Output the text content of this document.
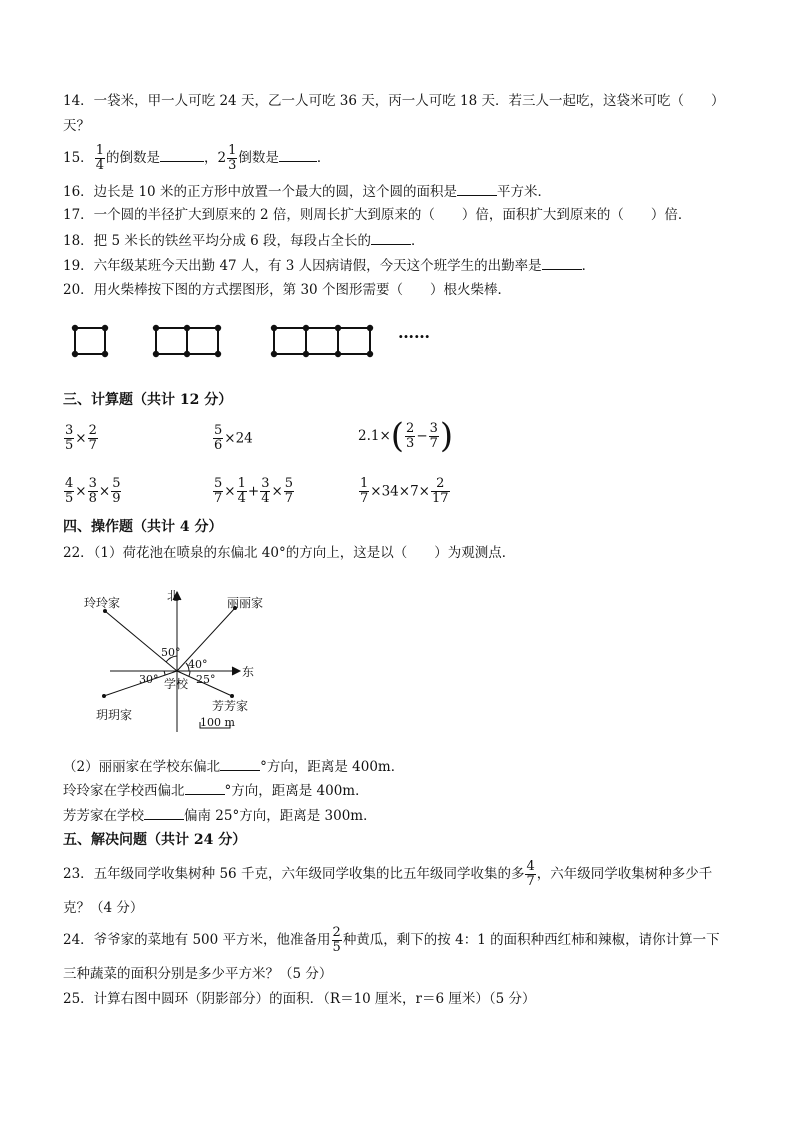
14．一袋米，甲一人可吃 24 天，乙一人可吃 36 天，丙一人可吃 18 天．若三人一起吃，这袋米可吃（　　）
天？
15． $\frac{1}{4}$ 的倒数是	，$2 \frac{1}{3}$ 倒数是	．
16．边长是 10 米的正方形中放置一个最大的圆，这个圆的面积是	平方米．
17．一个圆的半径扩大到原来的 2 倍，则周长扩大到原来的（　　）倍，面积扩大到原来的（　　）倍．
18．把 5 米长的铁丝平均分成 6 段，每段占全长的	．
19．六年级某班今天出勤 47 人，有 3 人因病请假，今天这个班学生的出勤率是	．
20．用火柴棒按下图的方式摆图形，第 30 个图形需要（　　）根火柴棒．
……
三、计算题（共计 12 分）
$\frac{3}{5} \times \frac{2}{7}$	$\frac{5}{6} \times 24$	$2.1\times( \frac{2}{3} - \frac{3}{7}$ )
$\frac{4}{5} \times \frac{3}{8} \times \frac{5}{9}$	$\frac{5}{7} \times \frac{1}{4} + \frac{3}{4} \times \frac{5}{7}$	$\frac{1}{7} \times 34\times 7\times \frac{2}{17}$
四、操作题（共计 4 分）
22．（1）荷花池在喷泉的东偏北 40°的方向上，这是以（　　）为观测点．
北
东
学校
玲玲家	丽丽家
玥玥家
芳芳家
50°
40°
30°	25°
100 m
（2）丽丽家在学校东偏北	°方向，距离是 400m．
玲玲家在学校西偏北	°方向，距离是 400m．
芳芳家在学校	偏南 25°方向，距离是 300m．
五、解决问题（共计 24 分）
23．五年级同学收集树种 56 千克，六年级同学收集的比五年级同学收集的多 $\frac{4}{7}$ ，六年级同学收集树种多少千
克？（4 分）
24．爷爷家的菜地有 500 平方米，他准备用 $\frac{2}{5}$ 种黄瓜，剩下的按 4：1 的面积种西红柿和辣椒，请你计算一下
三种蔬菜的面积分别是多少平方米？（5 分）
25．计算右图中圆环（阴影部分）的面积．（R＝10 厘米，r＝6 厘米）（5 分）
